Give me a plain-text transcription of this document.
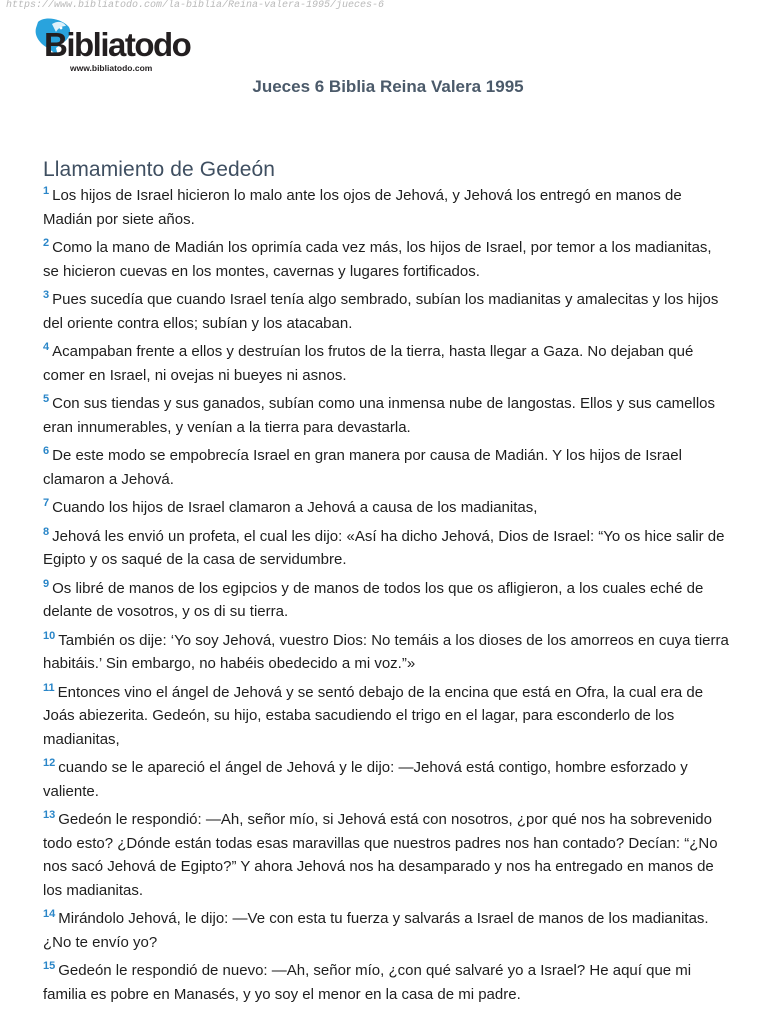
https://www.bibliatodo.com/la-biblia/Reina-valera-1995/jueces-6
Bibliatodo
www.bibliatodo.com
Jueces 6 Biblia Reina Valera 1995
Llamamiento de Gedeón

$^1$ Los hijos de Israel hicieron lo malo ante los ojos de Jehová, y Jehová los entregó en manos de Madián por siete años.

$^2$ Como la mano de Madián los oprimía cada vez más, los hijos de Israel, por temor a los madianitas, se hicieron cuevas en los montes, cavernas y lugares fortificados.

$^3$ Pues sucedía que cuando Israel tenía algo sembrado, subían los madianitas y amalecitas y los hijos del oriente contra ellos; subían y los atacaban.

$^4$ Acampaban frente a ellos y destruían los frutos de la tierra, hasta llegar a Gaza. No dejaban qué comer en Israel, ni ovejas ni bueyes ni asnos.

$^5$ Con sus tiendas y sus ganados, subían como una inmensa nube de langostas. Ellos y sus camellos eran innumerables, y venían a la tierra para devastarla.

$^6$ De este modo se empobrecía Israel en gran manera por causa de Madián. Y los hijos de Israel clamaron a Jehová.

$^7$ Cuando los hijos de Israel clamaron a Jehová a causa de los madianitas,

$^8$ Jehová les envió un profeta, el cual les dijo: «Así ha dicho Jehová, Dios de Israel: “Yo os hice salir de Egipto y os saqué de la casa de servidumbre.

$^9$ Os libré de manos de los egipcios y de manos de todos los que os afligieron, a los cuales eché de delante de vosotros, y os di su tierra.

$^{10}$ También os dije: ‘Yo soy Jehová, vuestro Dios: No temáis a los dioses de los amorreos en cuya tierra habitáis.’ Sin embargo, no habéis obedecido a mi voz.”»

$^{11}$ Entonces vino el ángel de Jehová y se sentó debajo de la encina que está en Ofra, la cual era de Joás abiezerita. Gedeón, su hijo, estaba sacudiendo el trigo en el lagar, para esconderlo de los madianitas,

$^{12}$ cuando se le apareció el ángel de Jehová y le dijo: —Jehová está contigo, hombre esforzado y valiente.

$^{13}$ Gedeón le respondió: —Ah, señor mío, si Jehová está con nosotros, ¿por qué nos ha sobrevenido todo esto? ¿Dónde están todas esas maravillas que nuestros padres nos han contado? Decían: “¿No nos sacó Jehová de Egipto?” Y ahora Jehová nos ha desamparado y nos ha entregado en manos de los madianitas.

$^{14}$ Mirándolo Jehová, le dijo: —Ve con esta tu fuerza y salvarás a Israel de manos de los madianitas. ¿No te envío yo?

$^{15}$ Gedeón le respondió de nuevo: —Ah, señor mío, ¿con qué salvaré yo a Israel? He aquí que mi familia es pobre en Manasés, y yo soy el menor en la casa de mi padre.
